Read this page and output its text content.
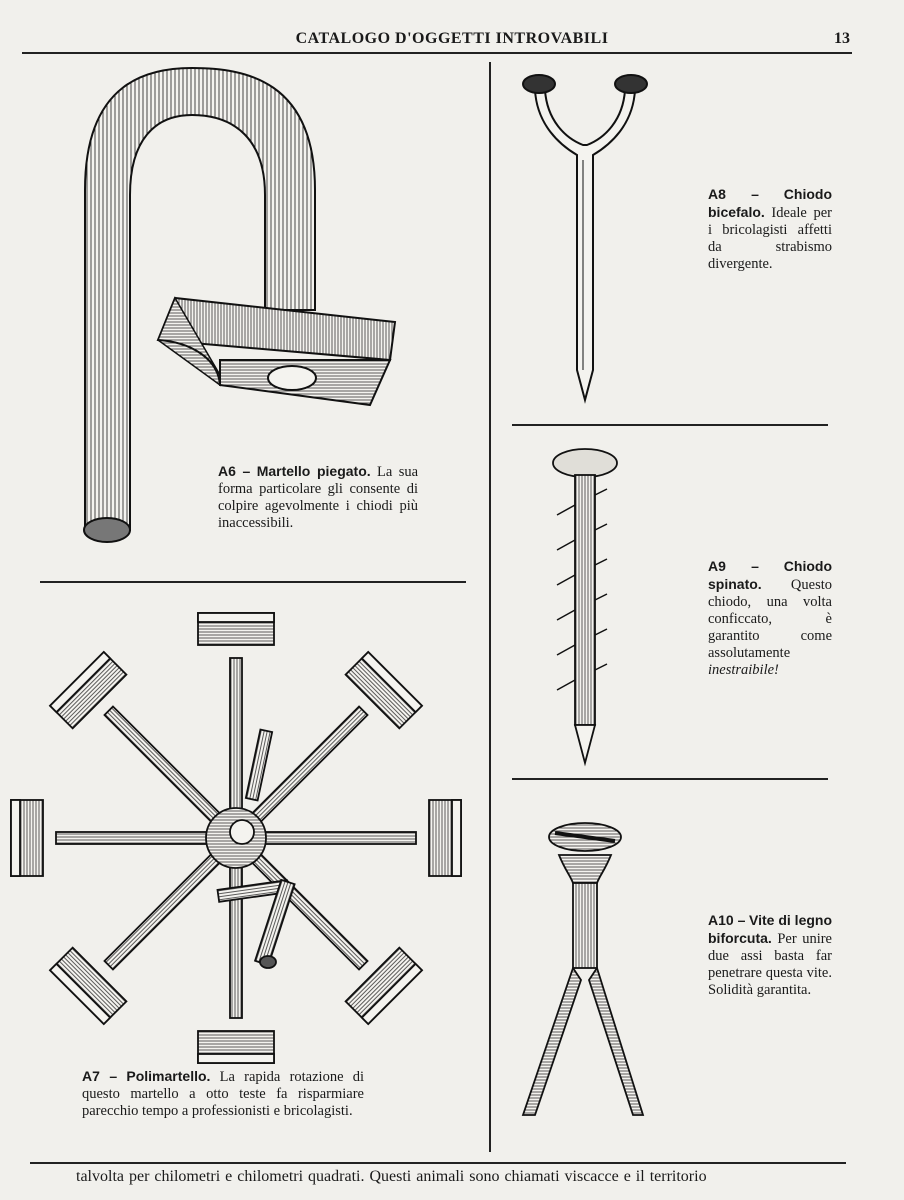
CATALOGO D'OGGETTI INTROVABILI	13
A6 – Martello piegato. La sua forma particolare gli consente di colpire agevolmente i chiodi più inaccessibili.
A7 – Polimartello. La rapida rotazione di questo martello a otto teste fa risparmiare parecchio tempo a professionisti e bricolagisti.
A8 – Chiodo bicefalo. Ideale per i bricolagisti affetti da strabismo divergente.
A9 – Chiodo spinato. Questo chiodo, una volta conficcato, è garantito come assolutamente inestraibile!
A10 – Vite di legno biforcuta. Per unire due assi basta far penetrare questa vite. Solidità garantita.
talvolta per chilometri e chilometri quadrati. Questi animali sono chiamati viscacce e il territorio
